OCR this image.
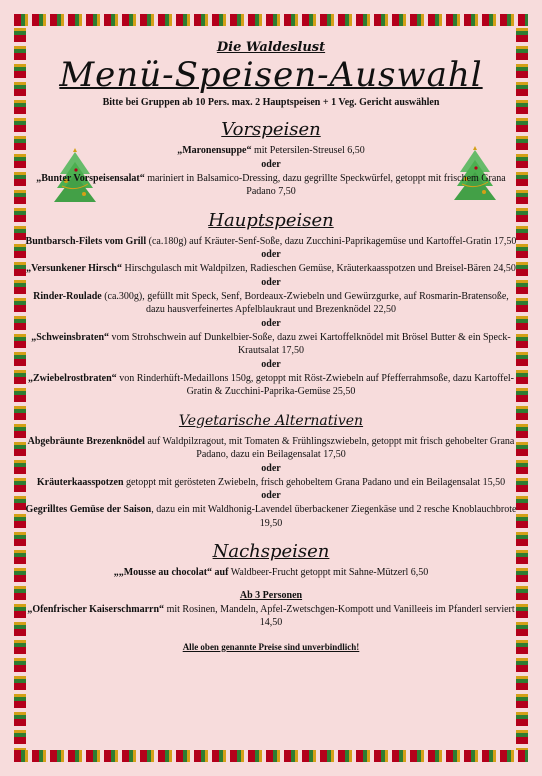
Die Waldeslust

Menü-Speisen-Auswahl

Bitte bei Gruppen ab 10 Pers. max. 2 Hauptspeisen + 1 Veg. Gericht auswählen

Vorspeisen

„Maronensuppe“ mit Petersilen-Streusel 6,50

oder

„Bunter Vorspeisensalat“ mariniert in Balsamico-Dressing, dazu gegrillte Speckwürfel, getoppt mit frischem Grana Padano 7,50

Hauptspeisen

Buntbarsch-Filets vom Grill (ca.180g) auf Kräuter-Senf-Soße, dazu Zucchini-Paprikagemüse und Kartoffel-Gratin 17,50

oder

„Versunkener Hirsch“ Hirschgulasch mit Waldpilzen, Radieschen Gemüse, Kräuterkaasspotzen und Breisel-Bären 24,50

oder

Rinder-Roulade (ca.300g), gefüllt mit Speck, Senf, Bordeaux-Zwiebeln und Gewürzgurke, auf Rosmarin-Bratensoße, dazu hausverfeinertes Apfelblaukraut und Brezenknödel 22,50

oder

„Schweinsbraten“ vom Strohschwein auf Dunkelbier-Soße, dazu zwei Kartoffelknödel mit Brösel Butter & ein Speck-Krautsalat 17,50

oder

„Zwiebelrostbraten“ von Rinderhüft-Medaillons 150g, getoppt mit Röst-Zwiebeln auf Pfefferrahmsoße, dazu Kartoffel-Gratin & Zucchini-Paprika-Gemüse 25,50

Vegetarische Alternativen

Abgebräunte Brezenknödel auf Waldpilzragout, mit Tomaten & Frühlingszwiebeln, getoppt mit frisch gehobelter Grana Padano, dazu ein Beilagensalat 17,50

oder

Kräuterkaasspotzen getoppt mit gerösteten Zwiebeln, frisch gehobeltem Grana Padano und ein Beilagensalat 15,50

oder

Gegrilltes Gemüse der Saison, dazu ein mit Waldhonig-Lavendel überbackener Ziegenkäse und 2 resche Knoblauchbrote 19,50

Nachspeisen

„„Mousse au chocolat“ auf Waldbeer-Frucht getoppt mit Sahne-Mützerl 6,50

Ab 3 Personen

„Ofenfrischer Kaiserschmarrn“ mit Rosinen, Mandeln, Apfel-Zwetschgen-Kompott und Vanilleeis im Pfanderl serviert 14,50

Alle oben genannte Preise sind unverbindlich!
